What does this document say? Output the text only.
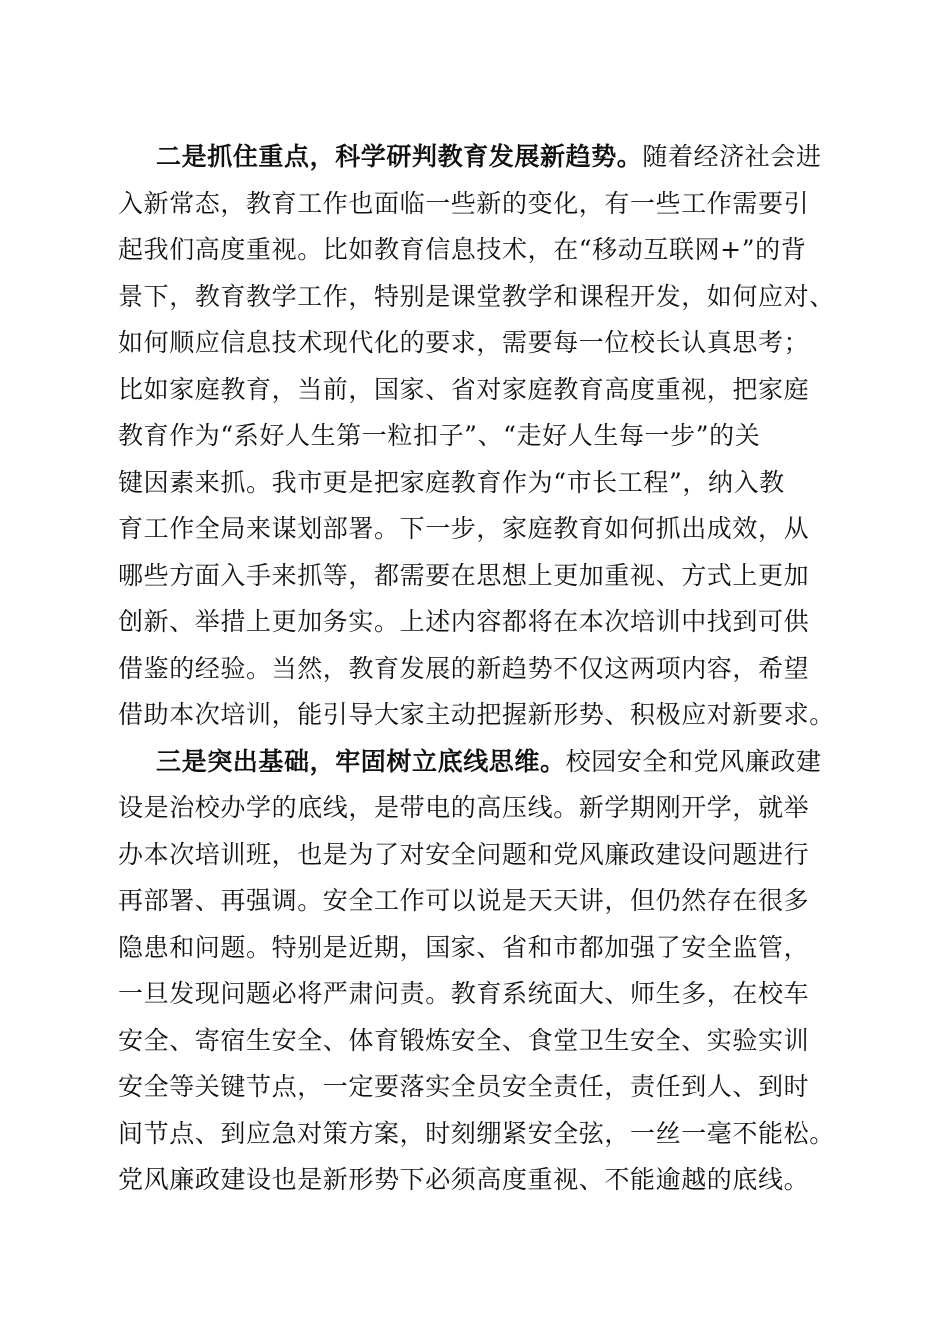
二是抓住重点，科学研判教育发展新趋势。随着经济社会进
入新常态，教育工作也面临一些新的变化，有一些工作需要引
起我们高度重视。比如教育信息技术，在“移动互联网+”的背
景下，教育教学工作，特别是课堂教学和课程开发，如何应对、
如何顺应信息技术现代化的要求，需要每一位校长认真思考；
比如家庭教育，当前，国家、省对家庭教育高度重视，把家庭
教育作为“系好人生第一粒扣子”、“走好人生每一步”的关
键因素来抓。我市更是把家庭教育作为“市长工程”，纳入教
育工作全局来谋划部署。下一步，家庭教育如何抓出成效，从
哪些方面入手来抓等，都需要在思想上更加重视、方式上更加
创新、举措上更加务实。上述内容都将在本次培训中找到可供
借鉴的经验。当然，教育发展的新趋势不仅这两项内容，希望
借助本次培训，能引导大家主动把握新形势、积极应对新要求。
三是突出基础，牢固树立底线思维。校园安全和党风廉政建
设是治校办学的底线，是带电的高压线。新学期刚开学，就举
办本次培训班，也是为了对安全问题和党风廉政建设问题进行
再部署、再强调。安全工作可以说是天天讲，但仍然存在很多
隐患和问题。特别是近期，国家、省和市都加强了安全监管，
一旦发现问题必将严肃问责。教育系统面大、师生多，在校车
安全、寄宿生安全、体育锻炼安全、食堂卫生安全、实验实训
安全等关键节点，一定要落实全员安全责任，责任到人、到时
间节点、到应急对策方案，时刻绷紧安全弦，一丝一毫不能松。
党风廉政建设也是新形势下必须高度重视、不能逾越的底线。
